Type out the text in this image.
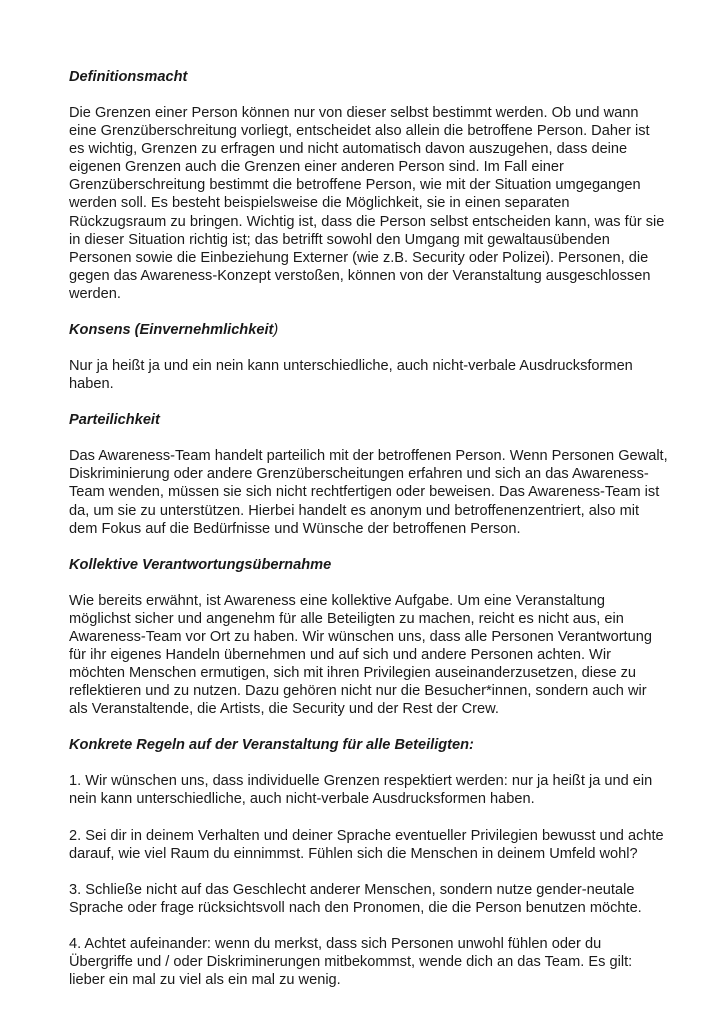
Definitionsmacht

Die Grenzen einer Person können nur von dieser selbst bestimmt werden. Ob und wann eine Grenzüberschreitung vorliegt, entscheidet also allein die betroffene Person. Daher ist es wichtig, Grenzen zu erfragen und nicht automatisch davon auszugehen, dass deine eigenen Grenzen auch die Grenzen einer anderen Person sind. Im Fall einer Grenzüberschreitung bestimmt die betroffene Person, wie mit der Situation umgegangen werden soll. Es besteht beispielsweise die Möglichkeit, sie in einen separaten Rückzugsraum zu bringen. Wichtig ist, dass die Person selbst entscheiden kann, was für sie in dieser Situation richtig ist; das betrifft sowohl den Umgang mit gewaltausübenden Personen sowie die Einbeziehung Externer (wie z.B. Security oder Polizei). Personen, die gegen das Awareness-Konzept verstoßen, können von der Veranstaltung ausgeschlossen werden.

Konsens (Einvernehmlichkeit)

Nur ja heißt ja und ein nein kann unterschiedliche, auch nicht-verbale Ausdrucksformen haben.

Parteilichkeit

Das Awareness-Team handelt parteilich mit der betroffenen Person. Wenn Personen Gewalt, Diskriminierung oder andere Grenzüberscheitungen erfahren und sich an das Awareness-Team wenden, müssen sie sich nicht rechtfertigen oder beweisen. Das Awareness-Team ist da, um sie zu unterstützen. Hierbei handelt es anonym und betroffenenzentriert, also mit dem Fokus auf die Bedürfnisse und Wünsche der betroffenen Person.

Kollektive Verantwortungsübernahme

Wie bereits erwähnt, ist Awareness eine kollektive Aufgabe. Um eine Veranstaltung möglichst sicher und angenehm für alle Beteiligten zu machen, reicht es nicht aus, ein Awareness-Team vor Ort zu haben. Wir wünschen uns, dass alle Personen Verantwortung für ihr eigenes Handeln übernehmen und auf sich und andere Personen achten. Wir möchten Menschen ermutigen, sich mit ihren Privilegien auseinanderzusetzen, diese zu reflektieren und zu nutzen. Dazu gehören nicht nur die Besucher*innen, sondern auch wir als Veranstaltende, die Artists, die Security und der Rest der Crew.

Konkrete Regeln auf der Veranstaltung für alle Beteiligten:

1. Wir wünschen uns, dass individuelle Grenzen respektiert werden: nur ja heißt ja und ein nein kann unterschiedliche, auch nicht-verbale Ausdrucksformen haben.

2. Sei dir in deinem Verhalten und deiner Sprache eventueller Privilegien bewusst und achte darauf, wie viel Raum du einnimmst. Fühlen sich die Menschen in deinem Umfeld wohl?

3. Schließe nicht auf das Geschlecht anderer Menschen, sondern nutze gender-neutale Sprache oder frage rücksichtsvoll nach den Pronomen, die die Person benutzen möchte.

4. Achtet aufeinander: wenn du merkst, dass sich Personen unwohl fühlen oder du Übergriffe und / oder Diskriminerungen mitbekommst, wende dich an das Team. Es gilt: lieber ein mal zu viel als ein mal zu wenig.
